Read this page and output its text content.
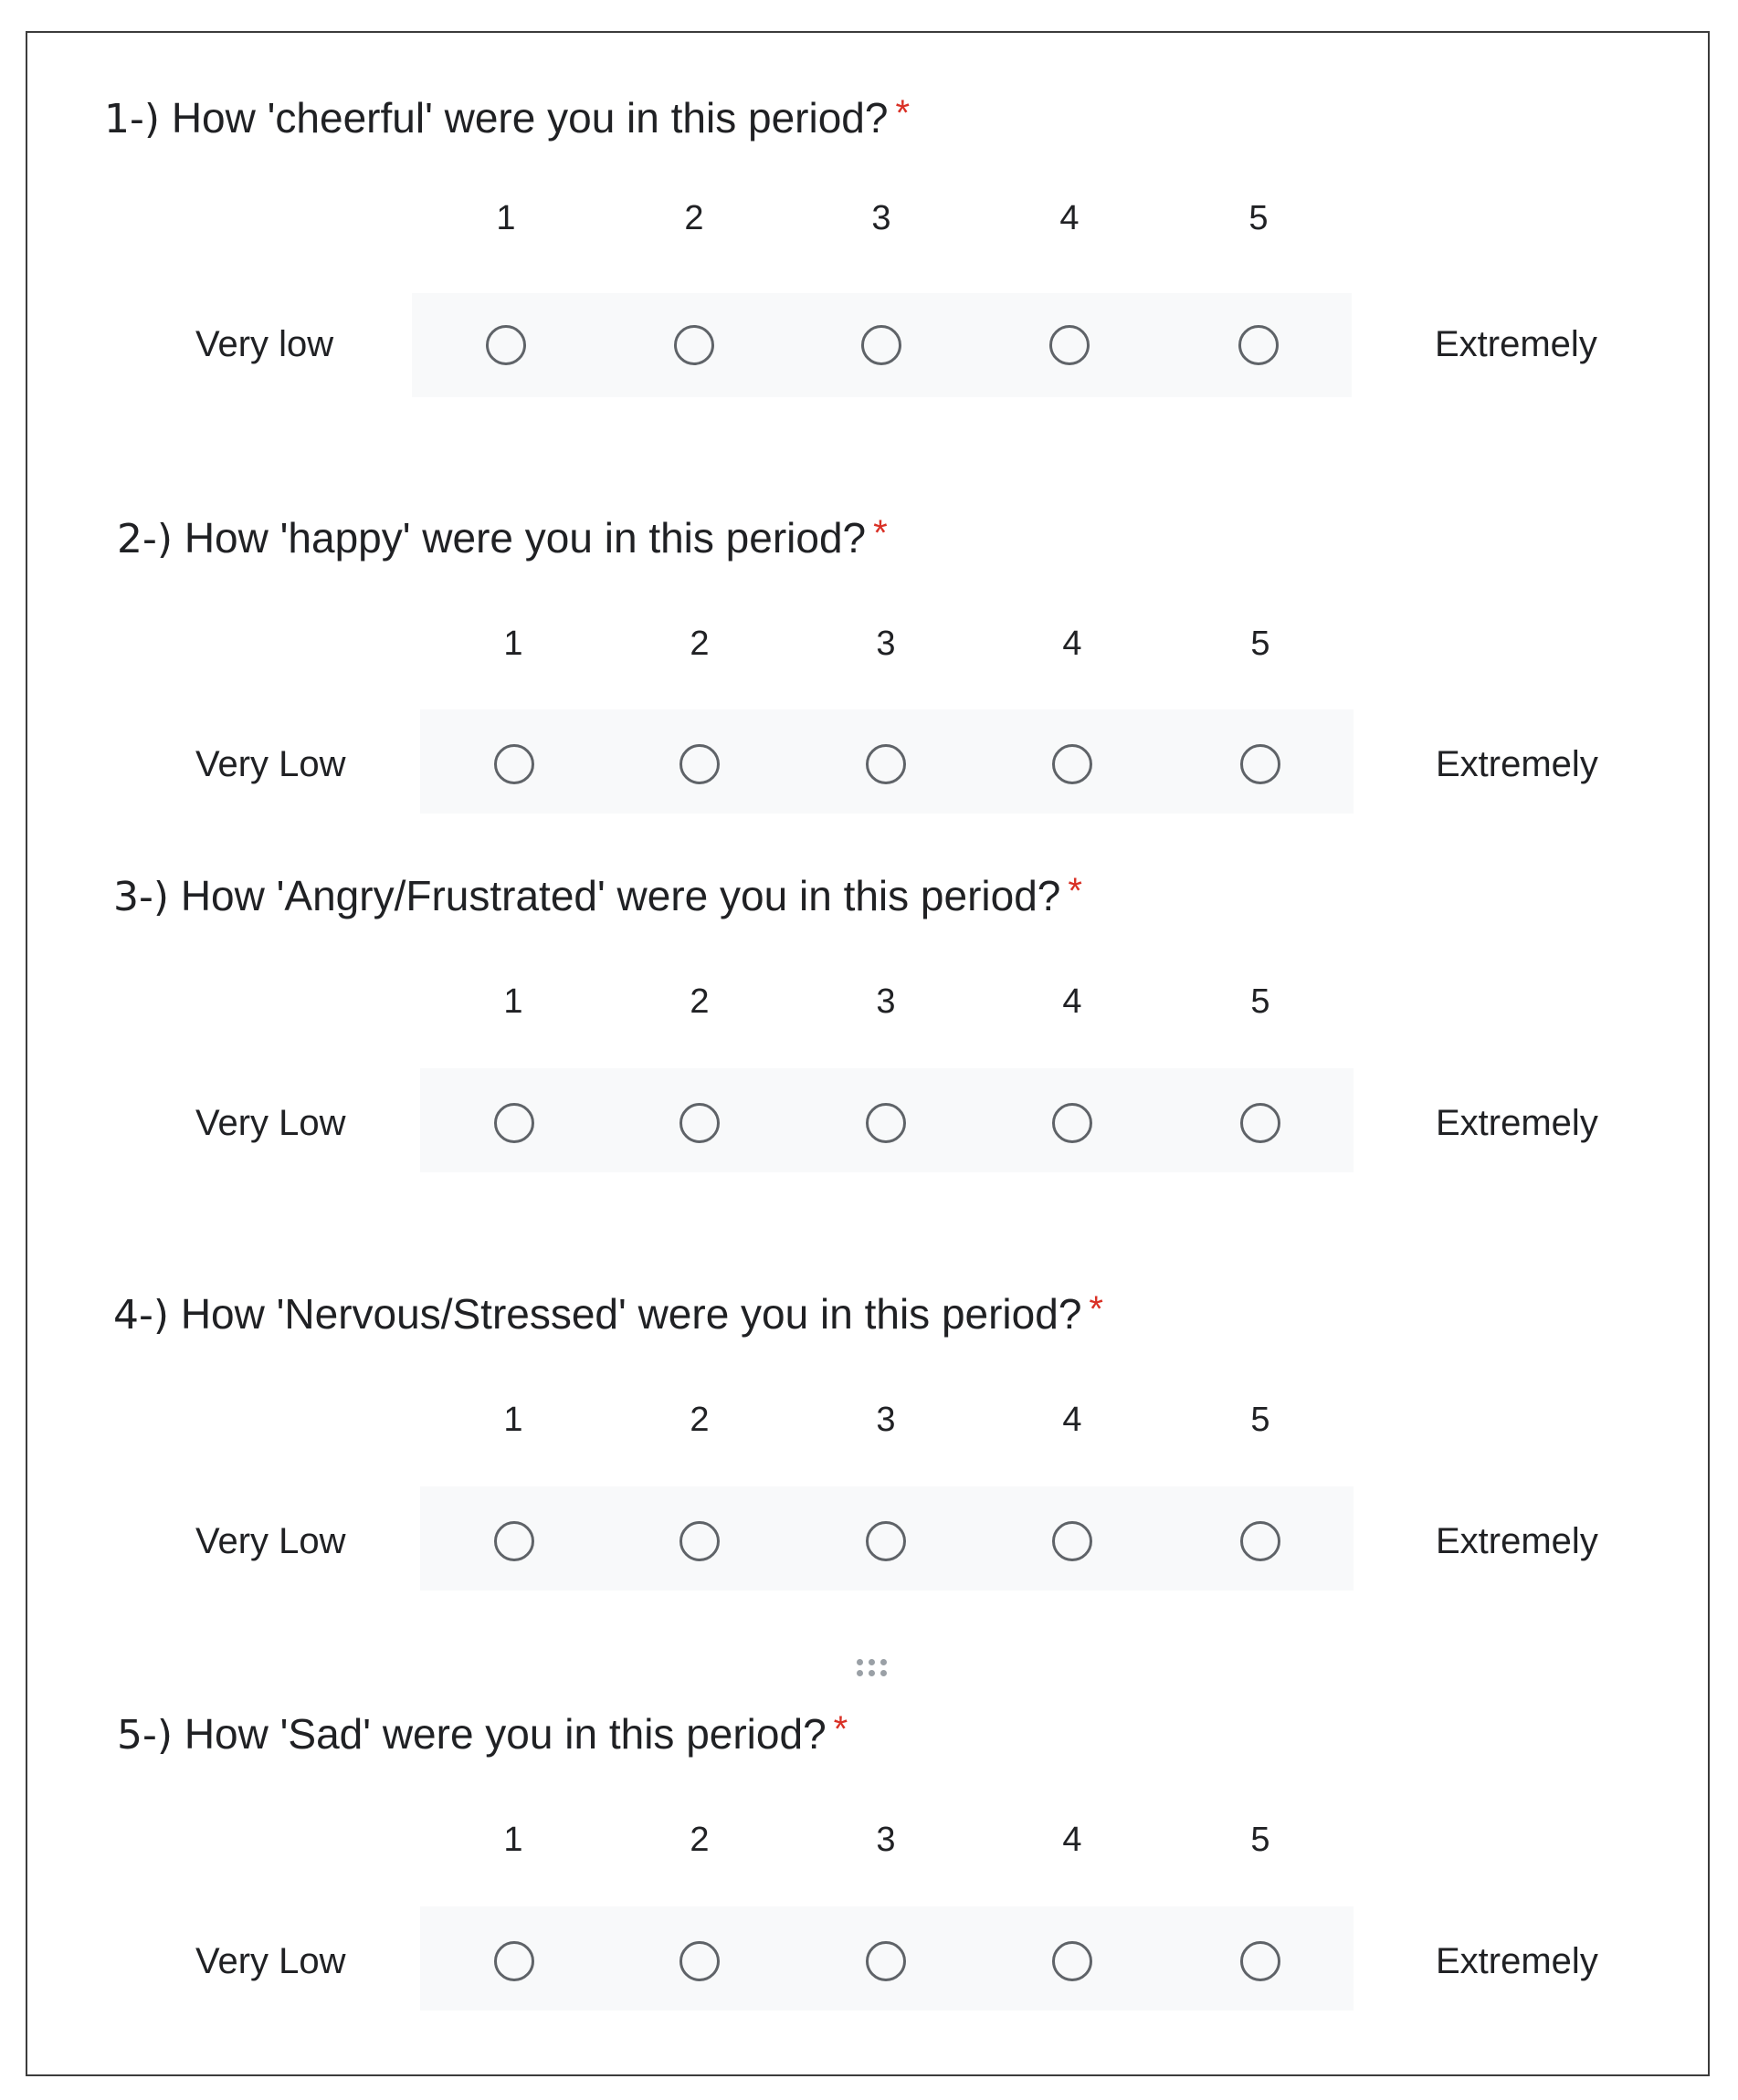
1-) How 'cheerful' were you in this period? *
1	2	3	4	5
Very low	Extremely
2-) How 'happy' were you in this period? *
1	2	3	4	5
Very Low	Extremely
3-) How 'Angry/Frustrated' were you in this period? *
1	2	3	4	5
Very Low	Extremely
4-) How 'Nervous/Stressed' were you in this period? *
1	2	3	4	5
Very Low	Extremely
5-) How 'Sad' were you in this period? *
1	2	3	4	5
Very Low	Extremely
